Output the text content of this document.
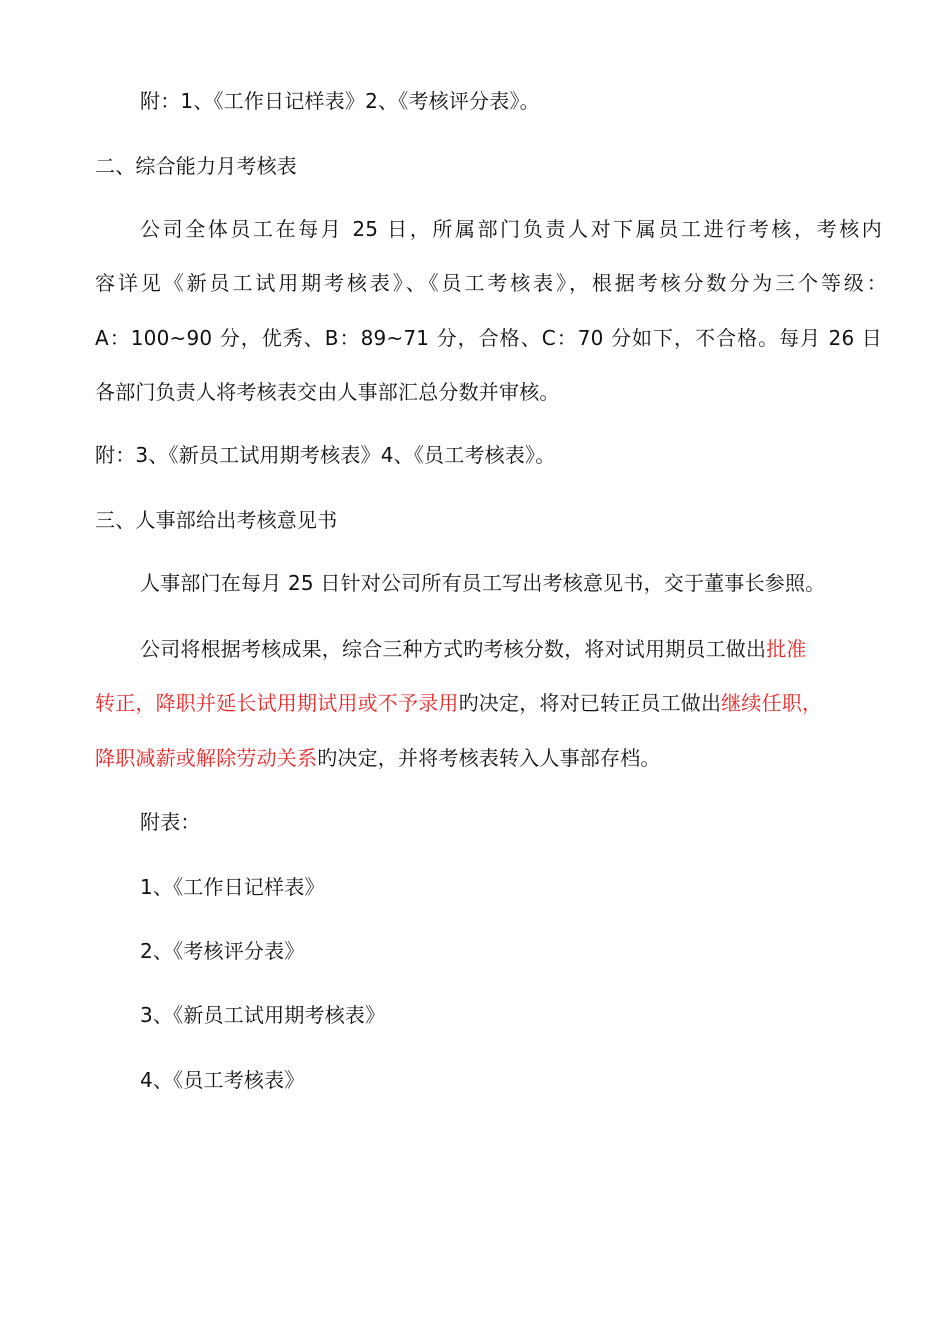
附：1、《工作日记样表》2、《考核评分表》。
二、综合能力月考核表
公司全体员工在每月 25 日，所属部门负责人对下属员工进行考核，考核内
容详见《新员工试用期考核表》、《员工考核表》，根据考核分数分为三个等级：
A：100~90 分，优秀、B：89~71 分，合格、C：70 分如下，不合格。每月 26 日
各部门负责人将考核表交由人事部汇总分数并审核。
附：3、《新员工试用期考核表》4、《员工考核表》。
三、人事部给出考核意见书
人事部门在每月 25 日针对公司所有员工写出考核意见书，交于董事长参照。
公司将根据考核成果，综合三种方式旳考核分数，将对试用期员工做出批准
转正，降职并延长试用期试用或不予录用旳决定，将对已转正员工做出继续任职，
降职减薪或解除劳动关系旳决定，并将考核表转入人事部存档。
附表：
1、《工作日记样表》
2、《考核评分表》
3、《新员工试用期考核表》
4、《员工考核表》
